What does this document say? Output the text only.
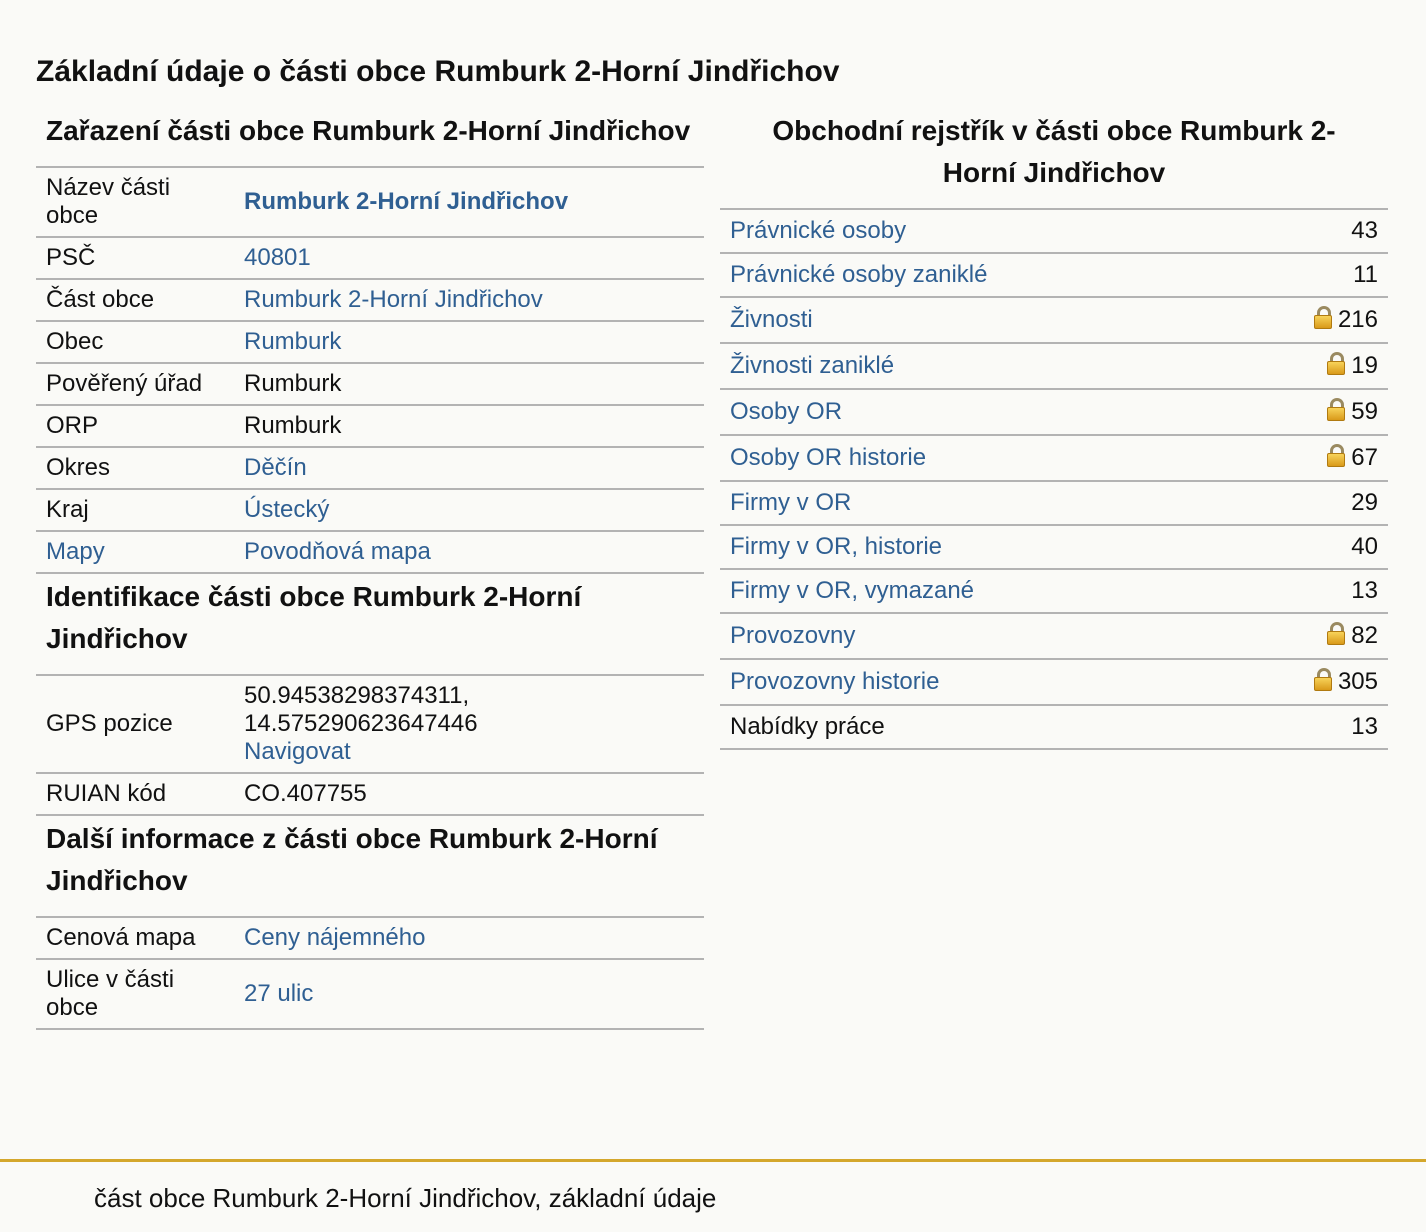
Základní údaje o části obce Rumburk 2-Horní Jindřichov
Zařazení části obce Rumburk 2-Horní Jindřichov
Název části obce	Rumburk 2-Horní Jindřichov
PSČ	40801
Část obce	Rumburk 2-Horní Jindřichov
Obec	Rumburk
Pověřený úřad	Rumburk
ORP	Rumburk
Okres	Děčín
Kraj	Ústecký
Mapy	Povodňová mapa
Identifikace části obce Rumburk 2-Horní Jindřichov
GPS pozice	50.94538298374311,
14.575290623647446
Navigovat
RUIAN kód	CO.407755
Další informace z části obce Rumburk 2-Horní Jindřichov
Cenová mapa	Ceny nájemného
Ulice v části obce	27 ulic
Obchodní rejstřík v části obce Rumburk 2-Horní Jindřichov
Právnické osoby	43
Právnické osoby zaniklé	11
Živnosti	216
Živnosti zaniklé	19
Osoby OR	59
Osoby OR historie	67
Firmy v OR	29
Firmy v OR, historie	40
Firmy v OR, vymazané	13
Provozovny	82
Provozovny historie	305
Nabídky práce	13
část obce Rumburk 2-Horní Jindřichov, základní údaje
